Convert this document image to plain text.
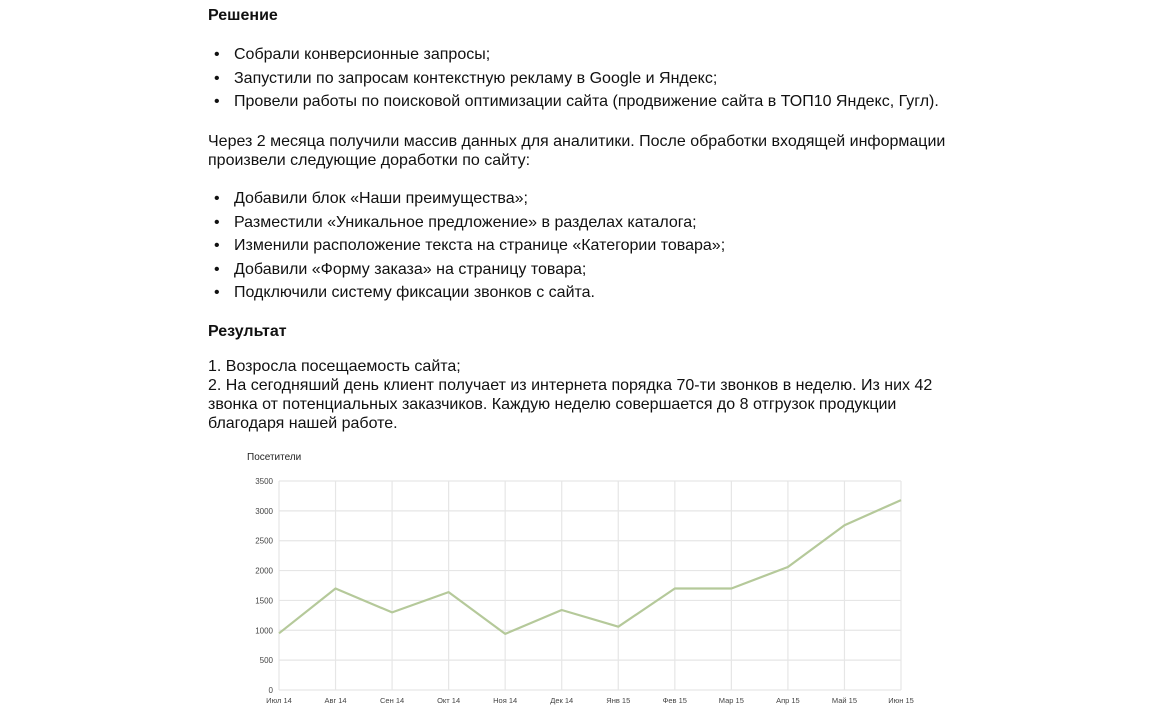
Решение
• Собрали конверсионные запросы;
• Запустили по запросам контекстную рекламу в Google и Яндекс;
• Провели работы по поисковой оптимизации сайта (продвижение сайта в ТОП10 Яндекс, Гугл).
Через 2 месяца получили массив данных для аналитики. После обработки входящей информации
произвели следующие доработки по сайту:
• Добавили блок «Наши преимущества»;
• Разместили «Уникальное предложение» в разделах каталога;
• Изменили расположение текста на странице «Категории товара»;
• Добавили «Форму заказа» на страницу товара;
• Подключили систему фиксации звонков с сайта.
Результат
1. Возросла посещаемость сайта;
2. На сегодняший день клиент получает из интернета порядка 70-ти звонков в неделю. Из них 42
звонка от потенциальных заказчиков. Каждую неделю совершается до 8 отгрузок продукции
благодаря нашей работе.
Посетители
0
500
1000
1500
2000
2500
3000
3500
Июл 14	Авг 14	Сен 14	Окт 14	Ноя 14	Дек 14	Янв 15	Фев 15	Мар 15	Апр 15	Май 15	Июн 15
